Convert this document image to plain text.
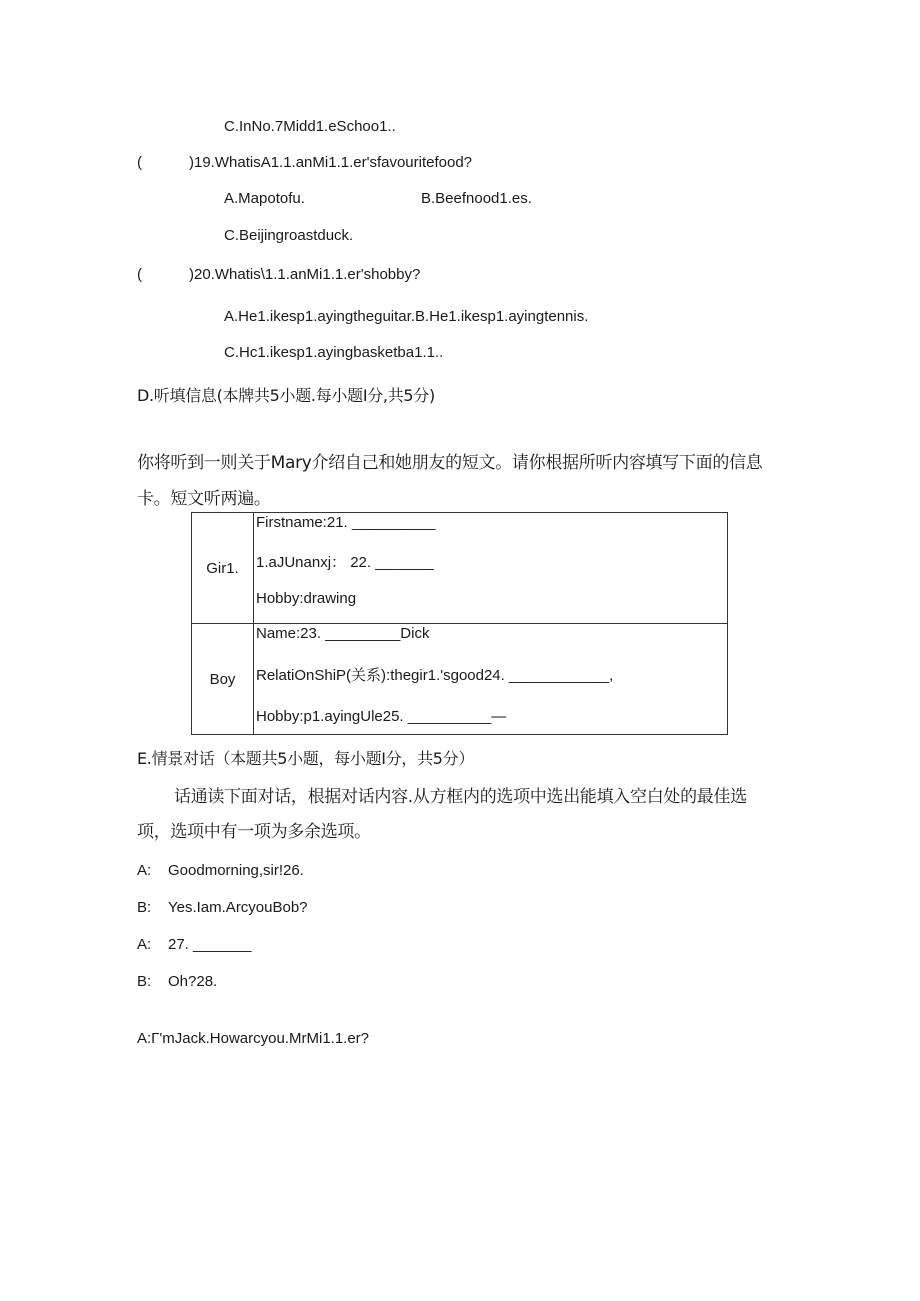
C.InNo.7Midd1.eSchoo1..
(	)19.WhatisA1.1.anMi1.1.er'sfavouritefood?
A.Mapotofu.	B.Beefnood1.es.
C.Beijingroastduck.
(	)20.Whatis\1.1.anMi1.1.er'shobby?
A.He1.ikesp1.ayingtheguitar.B.He1.ikesp1.ayingtennis.
C.Hc1.ikesp1.ayingbasketba1.1..
D.听填信息(本牌共5小题.每小题I分,共5分)
你将听到一则关于Mary介绍自己和她朋友的短文。请你根据所听内容填写下面的信息
卡。短文听两遍。
Gir1.	Firstname:21. __________
1.aJUnanxj： 22. _______
Hobby:drawing

Boy	Name:23. _________Dick
RelatiOnShiP(关系):thegir1.'sgood24. ____________,
Hobby:p1.ayingUle25. __________—
E.情景对话（本题共5小题，每小题I分，共5分）
话通读下面对话，根据对话内容.从方框内的选项中选出能填入空白处的最佳选
项，选项中有一项为多余选项。
A: Goodmorning,sir!26.
B: Yes.Iam.ArcyouBob?
A: 27. _______
B: Oh?28.
A:Γ'mJack.Howarcyou.MrMi1.1.er?
